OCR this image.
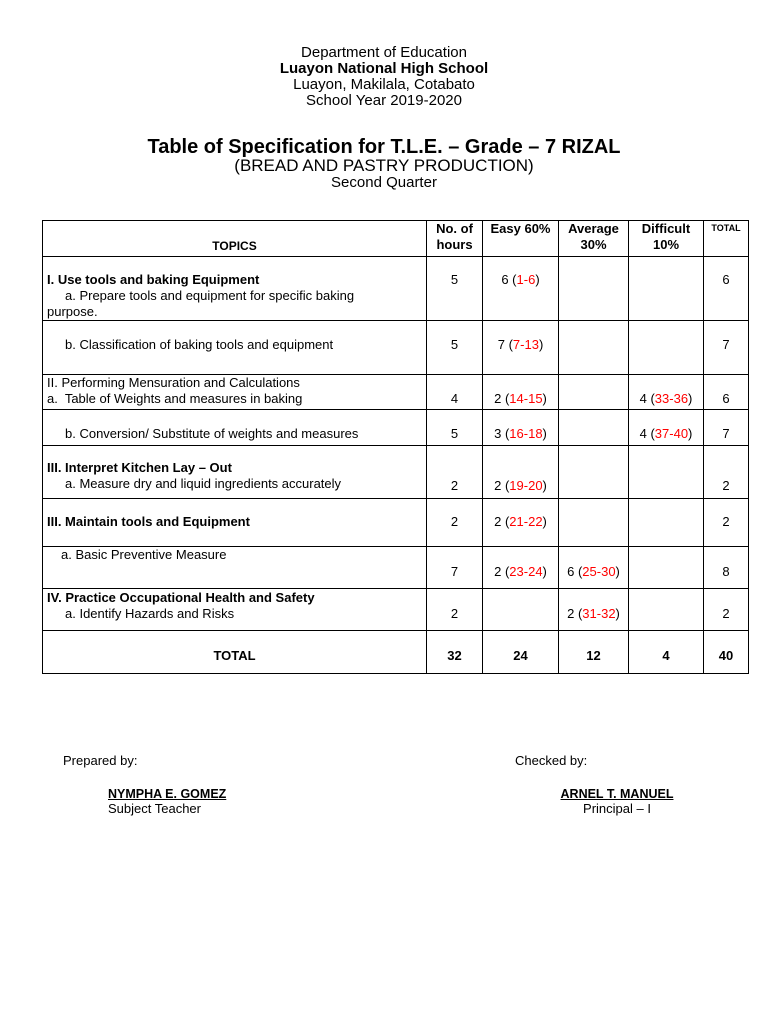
Department of Education
Luayon National High School
Luayon, Makilala, Cotabato
School Year 2019-2020
Table of Specification for T.L.E. – Grade – 7 RIZAL
(BREAD AND PASTRY PRODUCTION)
Second Quarter
TOPICS	No. of hours	Easy 60%	Average 30%	Difficult 10%	TOTAL

I. Use tools and baking Equipment
a. Prepare tools and equipment for specific baking purpose.	5	6 ( 1-6 )			6

b. Classification of baking tools and equipment	5	7 ( 7-13 )			7

II. Performing Mensuration and Calculations
a.  Table of Weights and measures in baking	4	2 ( 14-15 )		4 ( 33-36 )	6

b. Conversion/ Substitute of weights and measures	5	3 ( 16-18 )		4 ( 37-40 )	7

III. Interpret Kitchen Lay – Out
a. Measure dry and liquid ingredients accurately	2	2 ( 19-20 )			2

III. Maintain tools and Equipment	2	2 ( 21-22 )			2

a. Basic Preventive Measure	7	2 ( 23-24 )	6 ( 25-30 )		8

IV. Practice Occupational Health and Safety
a. Identify Hazards and Risks	2		2 ( 31-32 )		2
TOTAL	32	24	12	4	40
Prepared by:
NYMPHA E. GOMEZ
Subject Teacher
Checked by:
ARNEL T. MANUEL
Principal – I
